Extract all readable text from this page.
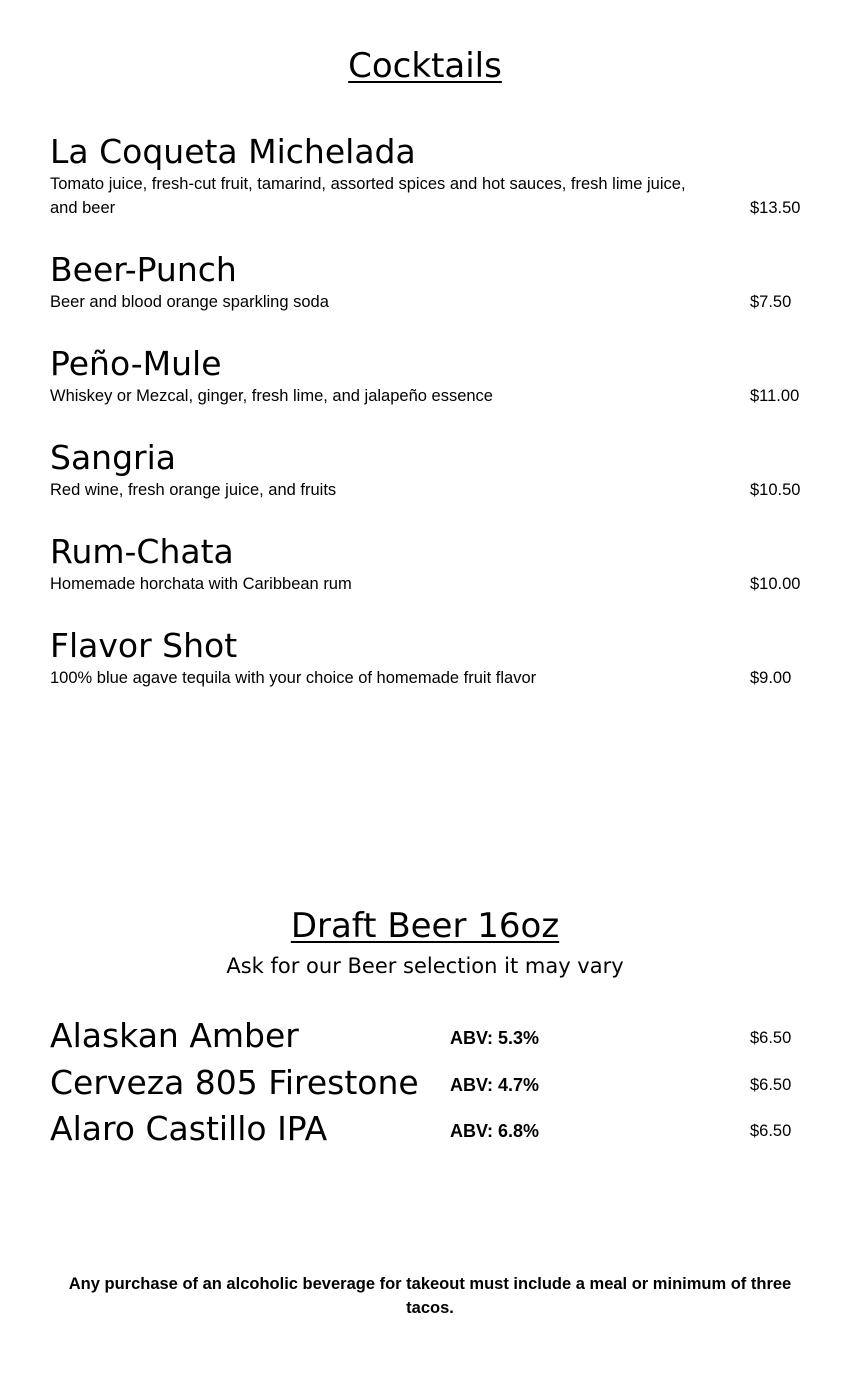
Cocktails
La Coqueta Michelada
Tomato juice, fresh-cut fruit, tamarind, assorted spices and hot sauces, fresh lime juice, and beer	$13.50
Beer-Punch
Beer and blood orange sparkling soda	$7.50
Peño-Mule
Whiskey or Mezcal, ginger, fresh lime, and jalapeño essence	$11.00
Sangria
Red wine, fresh orange juice, and fruits	$10.50
Rum-Chata
Homemade horchata with Caribbean rum	$10.00
Flavor Shot
100% blue agave tequila with your choice of homemade fruit flavor	$9.00
Draft Beer 16oz
Ask for our Beer selection it may vary
Alaskan Amber	ABV: 5.3%	$6.50
Cerveza 805 Firestone ABV: 4.7%	$6.50
Alaro Castillo IPA	ABV: 6.8%	$6.50
Any purchase of an alcoholic beverage for takeout must include a meal or minimum of three tacos.
